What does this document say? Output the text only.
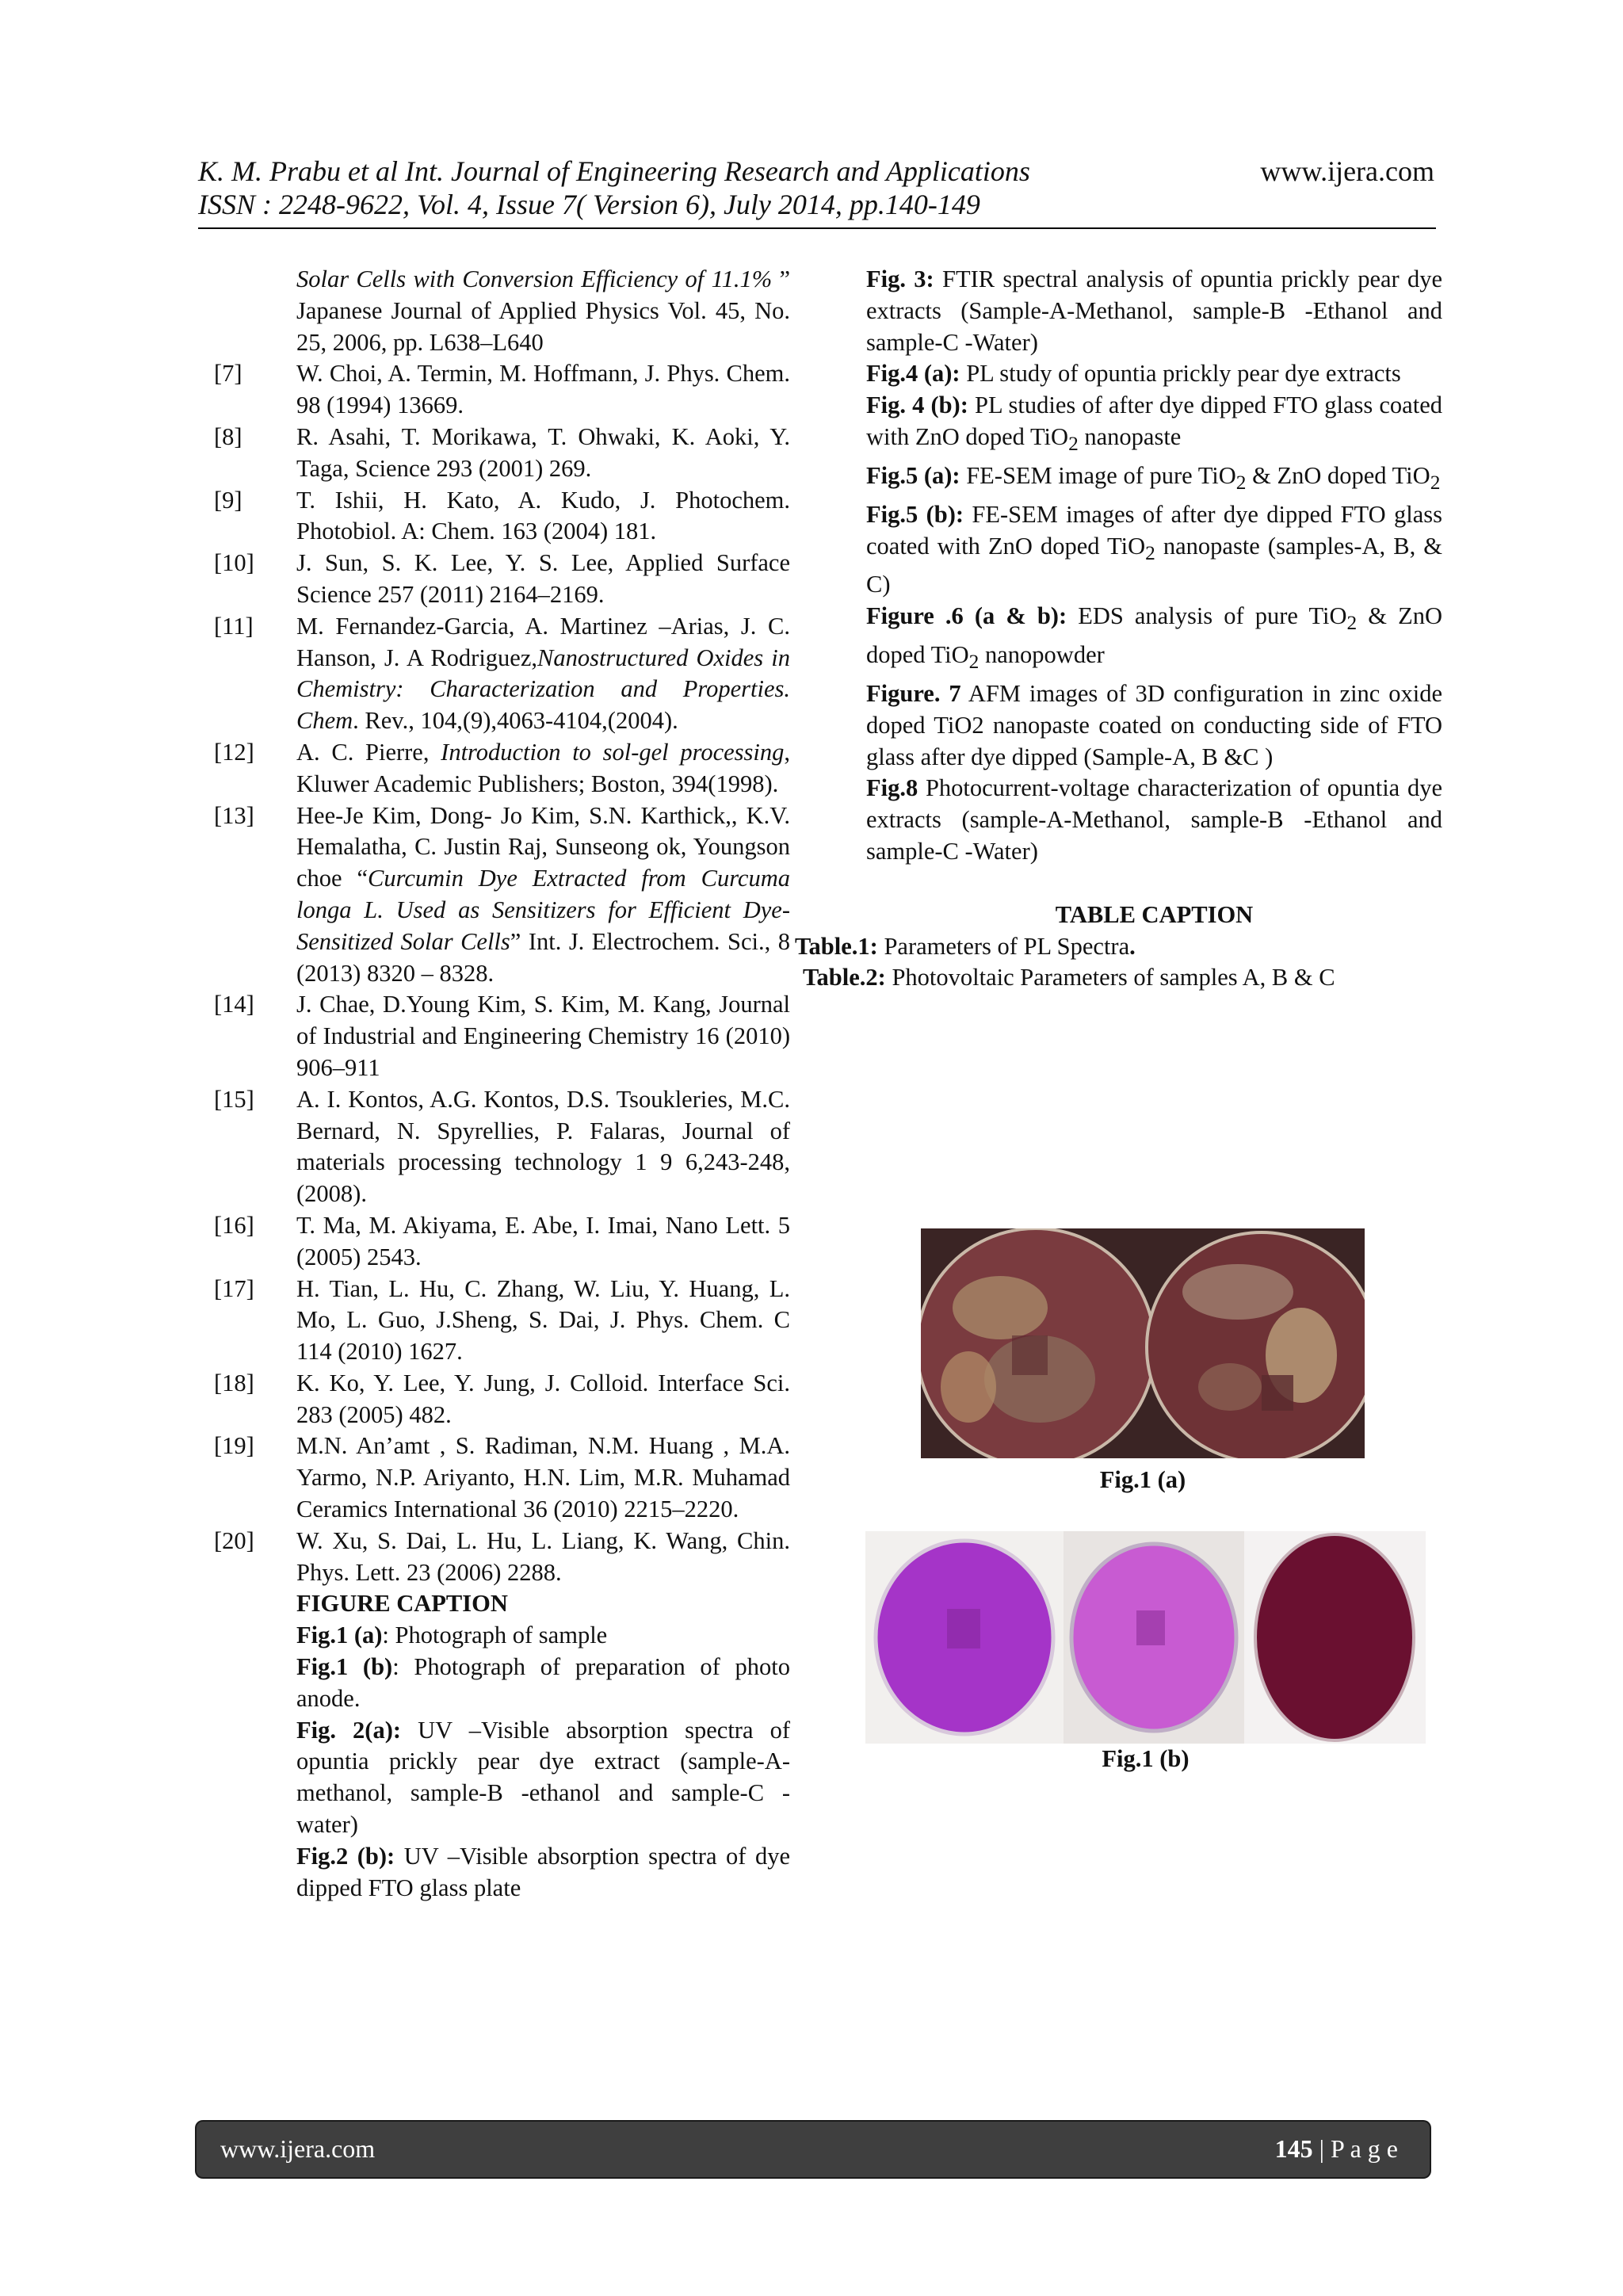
K. M. Prabu et al Int. Journal of Engineering Research and Applications
ISSN : 2248-9622, Vol. 4, Issue 7( Version 6), July 2014, pp.140-149
www.ijera.com
Solar Cells with Conversion Efficiency of 11.1% ” Japanese Journal of Applied Physics Vol. 45, No. 25, 2006, pp. L638–L640
[7]	W. Choi, A. Termin, M. Hoffmann, J. Phys. Chem. 98 (1994) 13669.
[8]	R. Asahi, T. Morikawa, T. Ohwaki, K. Aoki, Y. Taga, Science 293 (2001) 269.
[9]	T. Ishii, H. Kato, A. Kudo, J. Photochem. Photobiol. A: Chem. 163 (2004) 181.
[10]	J. Sun, S. K. Lee, Y. S. Lee, Applied Surface Science 257 (2011) 2164–2169.
[11]	M. Fernandez-Garcia, A. Martinez –Arias, J. C. Hanson, J. A Rodriguez,Nanostructured Oxides in Chemistry: Characterization and Properties. Chem. Rev., 104,(9),4063-4104,(2004).
[12]	A. C. Pierre, Introduction to sol-gel processing, Kluwer Academic Publishers; Boston, 394(1998).
[13]	Hee-Je Kim, Dong- Jo Kim, S.N. Karthick,, K.V. Hemalatha, C. Justin Raj, Sunseong ok, Youngson choe “Curcumin Dye Extracted from Curcuma longa L. Used as Sensitizers for Efficient Dye-Sensitized Solar Cells” Int. J. Electrochem. Sci., 8 (2013) 8320 – 8328.
[14]	J. Chae, D.Young Kim, S. Kim, M. Kang, Journal of Industrial and Engineering Chemistry 16 (2010) 906–911
[15]	A. I. Kontos, A.G. Kontos, D.S. Tsoukleries, M.C. Bernard, N. Spyrellies, P. Falaras, Journal of materials processing technology 1 9 6,243-248,(2008).
[16]	T. Ma, M. Akiyama, E. Abe, I. Imai, Nano Lett. 5 (2005) 2543.
[17]	H. Tian, L. Hu, C. Zhang, W. Liu, Y. Huang, L. Mo, L. Guo, J.Sheng, S. Dai, J. Phys. Chem. C 114 (2010) 1627.
[18]	K. Ko, Y. Lee, Y. Jung, J. Colloid. Interface Sci. 283 (2005) 482.
[19]	M.N. An’amt , S. Radiman, N.M. Huang , M.A. Yarmo, N.P. Ariyanto, H.N. Lim, M.R. Muhamad Ceramics International 36 (2010) 2215–2220.
[20]	W. Xu, S. Dai, L. Hu, L. Liang, K. Wang, Chin. Phys. Lett. 23 (2006) 2288.
FIGURE CAPTION
Fig.1 (a): Photograph of sample
Fig.1 (b): Photograph of preparation of photo anode.
Fig. 2(a): UV –Visible absorption spectra of opuntia prickly pear dye extract (sample-A-methanol, sample-B -ethanol and sample-C -water)
Fig.2 (b): UV –Visible absorption spectra of dye dipped FTO glass plate
Fig. 3: FTIR spectral analysis of opuntia prickly pear dye extracts (Sample-A-Methanol, sample-B -Ethanol and sample-C -Water)
Fig.4 (a): PL study of opuntia prickly pear dye extracts
Fig. 4 (b): PL studies of after dye dipped FTO glass coated with ZnO doped TiO$_2$ nanopaste
Fig.5 (a): FE-SEM image of pure TiO$_2$ & ZnO doped TiO$_2$
Fig.5 (b): FE-SEM images of after dye dipped FTO glass coated with ZnO doped TiO$_2$ nanopaste (samples-A, B, & C)
Figure .6 (a & b): EDS analysis of pure TiO$_2$ & ZnO doped TiO$_2$ nanopowder
Figure. 7 AFM images of 3D configuration in zinc oxide doped TiO2 nanopaste coated on conducting side of FTO glass after dye dipped (Sample-A, B &C )
Fig.8 Photocurrent-voltage characterization of opuntia dye extracts (sample-A-Methanol, sample-B -Ethanol and sample-C -Water)
TABLE CAPTION
Table.1: Parameters of PL Spectra.
Table.2: Photovoltaic Parameters of samples A, B & C
Fig.1 (a)
Fig.1 (b)
www.ijera.com	145 | P a g e
